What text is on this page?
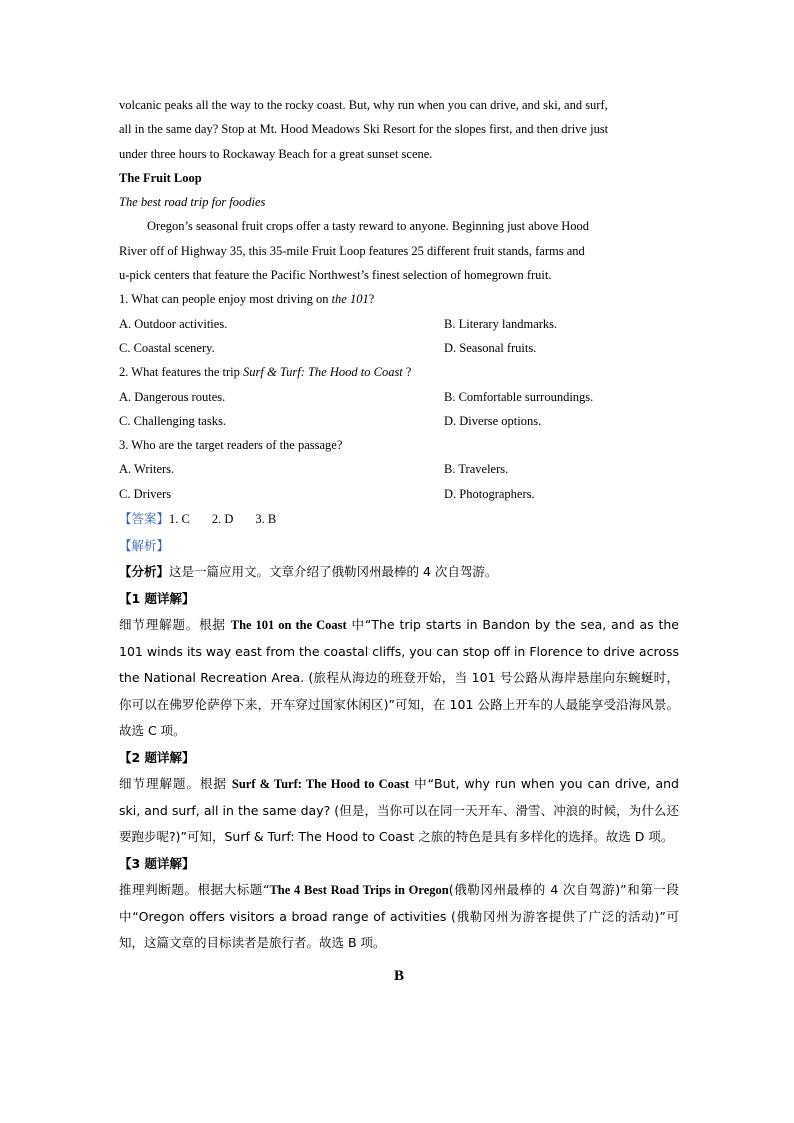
volcanic peaks all the way to the rocky coast. But, why run when you can drive, and ski, and surf,
all in the same day? Stop at Mt. Hood Meadows Ski Resort for the slopes first, and then drive just
under three hours to Rockaway Beach for a great sunset scene.
The Fruit Loop
The best road trip for foodies
Oregon’s seasonal fruit crops offer a tasty reward to anyone. Beginning just above Hood
River off of Highway 35, this 35-mile Fruit Loop features 25 different fruit stands, farms and
u-pick centers that feature the Pacific Northwest’s finest selection of homegrown fruit.
1. What can people enjoy most driving on the 101?
A. Outdoor activities.	B. Literary landmarks.
C. Coastal scenery.	D. Seasonal fruits.
2. What features the trip Surf & Turf: The Hood to Coast ?
A. Dangerous routes.	B. Comfortable surroundings.
C. Challenging tasks.	D. Diverse options.
3. Who are the target readers of the passage?
A. Writers.	B. Travelers.
C. Drivers	D. Photographers.
【答案】1. C 2. D 3. B
【解析】

【分析】这是一篇应用文。文章介绍了俄勒冈州最棒的 4 次自驾游。

【1 题详解】

细节理解题。根据 The 101 on the Coast 中“The trip starts in Bandon by the sea, and as the 101 winds its way east from the coastal cliffs, you can stop off in Florence to drive across the National Recreation Area. (旅程从海边的班登开始，当 101 号公路从海岸悬崖向东蜿蜒时，你可以在佛罗伦萨停下来，开车穿过国家休闲区)”可知，在 101 公路上开车的人最能享受沿海风景。故选 C 项。

【2 题详解】

细节理解题。根据 Surf & Turf: The Hood to Coast 中“But, why run when you can drive, and ski, and surf, all in the same day? (但是，当你可以在同一天开车、滑雪、冲浪的时候，为什么还要跑步呢?)”可知，Surf & Turf: The Hood to Coast 之旅的特色是具有多样化的选择。故选 D 项。

【3 题详解】

推理判断题。根据大标题“The 4 Best Road Trips in Oregon(俄勒冈州最棒的 4 次自驾游)”和第一段中“Oregon offers visitors a broad range of activities (俄勒冈州为游客提供了广泛的活动)”可知，这篇文章的目标读者是旅行者。故选 B 项。

B
